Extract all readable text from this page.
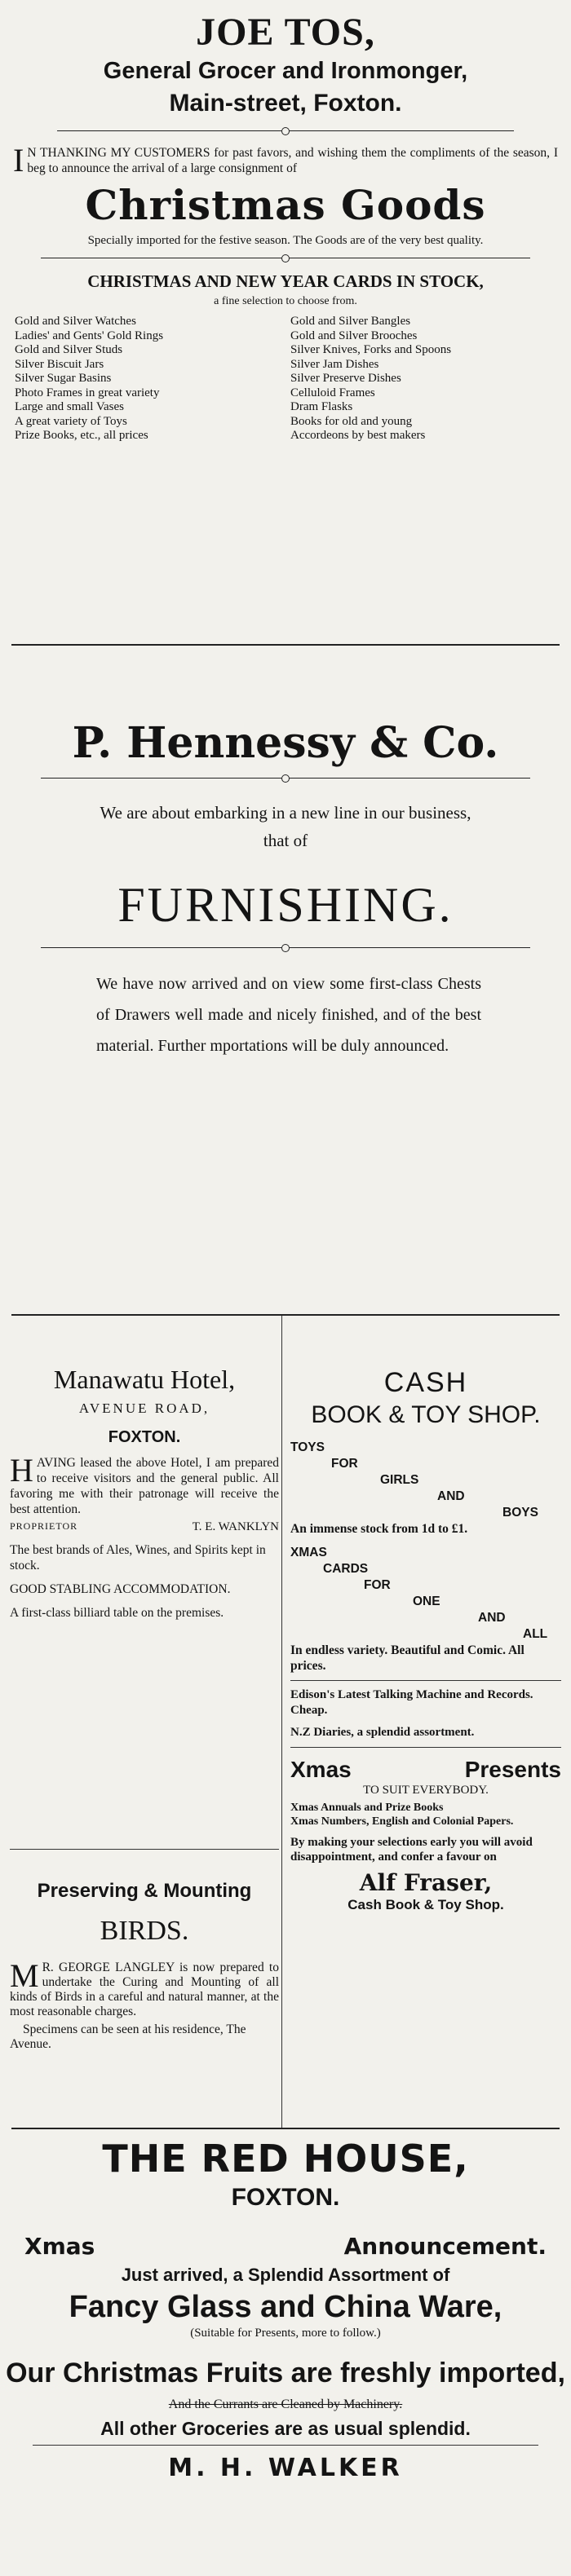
JOE TOS,
General Grocer and Ironmonger,
Main-street, Foxton.
I N THANKING MY CUSTOMERS for past favors, and wishing them the compliments of the season, I beg to announce the arrival of a large consignment of
Christmas Goods
Specially imported for the festive season. The Goods are of the very best quality.
CHRISTMAS AND NEW YEAR CARDS IN STOCK,
a fine selection to choose from.
Gold and Silver Watches
Ladies' and Gents' Gold Rings
Gold and Silver Studs
Silver Biscuit Jars
Silver Sugar Basins
Photo Frames in great variety
Large and small Vases
A great variety of Toys
Prize Books, etc., all prices
Gold and Silver Bangles
Gold and Silver Brooches
Silver Knives, Forks and Spoons
Silver Jam Dishes
Silver Preserve Dishes
Celluloid Frames
Dram Flasks
Books for old and young
Accordeons by best makers
P. Hennessy & Co.
We are about embarking in a new line in our business, that of
FURNISHING.
We have now arrived and on view some first-class Chests of Drawers well made and nicely finished, and of the best material. Further mportations will be duly announced.
Manawatu Hotel,
AVENUE ROAD,
FOXTON.
HAVING leased the above Hotel, I am prepared to receive visitors and the general public. All favoring me with their patronage will receive the best attention.
PROPRIETOR	T. E. WANKLYN
The best brands of Ales, Wines, and Spirits kept in stock.
GOOD STABLING ACCOMMODATION.
A first-class billiard table on the premises.
Preserving & Mounting
BIRDS.
M R. GEORGE LANGLEY is now prepared to undertake the Curing and Mounting of all kinds of Birds in a careful and natural manner, at the most reasonable charges.
Specimens can be seen at his residence, The Avenue.
CASH
BOOK & TOY SHOP.
TOYS
FOR
GIRLS
AND
BOYS
An immense stock from 1d to £1.
XMAS
CARDS
FOR
ONE
AND
ALL
In endless variety. Beautiful and Comic. All prices.
Edison's Latest Talking Machine and Records. Cheap.
N.Z Diaries, a splendid assortment.
Xmas	Presents
TO SUIT EVERYBODY.
Xmas Annuals and Prize Books
Xmas Numbers, English and Colonial Papers.
By making your selections early you will avoid disappointment, and confer a favour on
Alf Fraser,
Cash Book & Toy Shop.
THE RED HOUSE,
FOXTON.
Xmas	Announcement.
Just arrived, a Splendid Assortment of
Fancy Glass and China Ware,
(Suitable for Presents, more to follow.)
Our Christmas Fruits are freshly imported,
And the Currants are Cleaned by Machinery.
All other Groceries are as usual splendid.
M. H. WALKER
